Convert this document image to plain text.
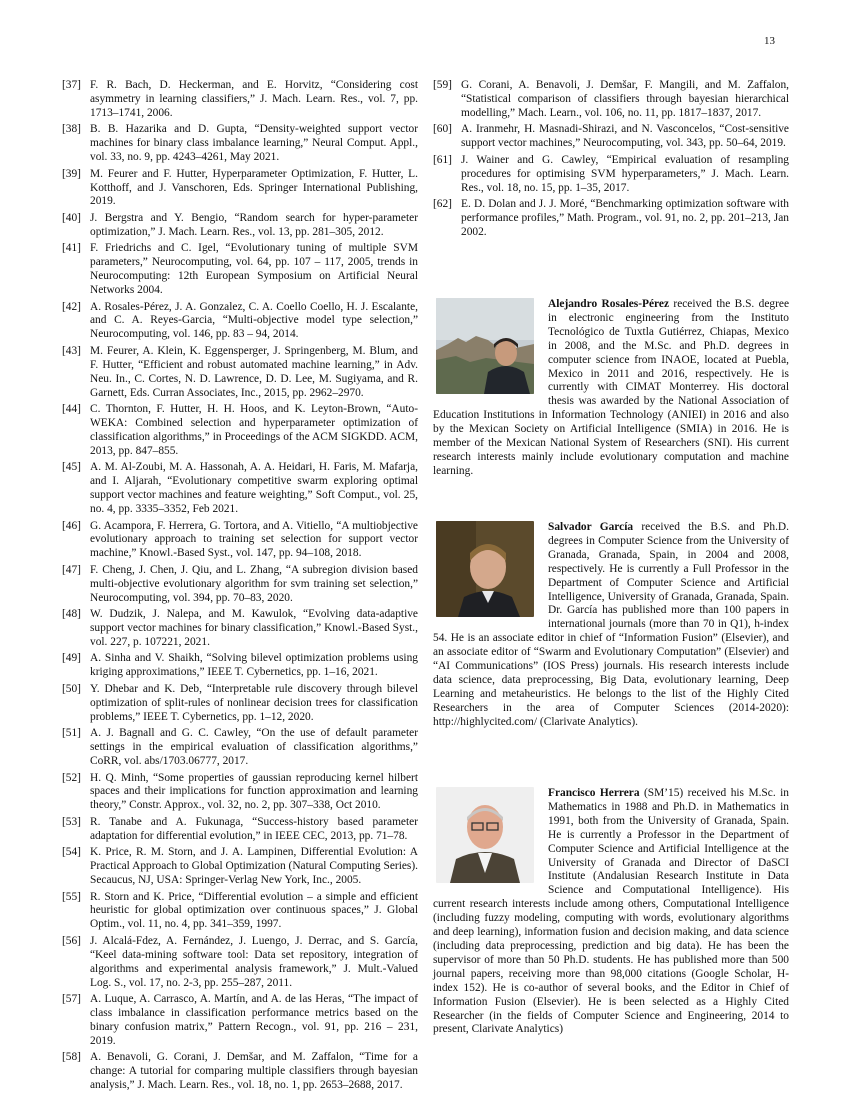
13
[37] F. R. Bach, D. Heckerman, and E. Horvitz, “Considering cost asymmetry in learning classifiers,” J. Mach. Learn. Res., vol. 7, pp. 1713–1741, 2006.
[38] B. B. Hazarika and D. Gupta, “Density-weighted support vector machines for binary class imbalance learning,” Neural Comput. Appl., vol. 33, no. 9, pp. 4243–4261, May 2021.
[39] M. Feurer and F. Hutter, Hyperparameter Optimization, F. Hutter, L. Kotthoff, and J. Vanschoren, Eds. Springer International Publishing, 2019.
[40] J. Bergstra and Y. Bengio, “Random search for hyper-parameter optimization,” J. Mach. Learn. Res., vol. 13, pp. 281–305, 2012.
[41] F. Friedrichs and C. Igel, “Evolutionary tuning of multiple SVM parameters,” Neurocomputing, vol. 64, pp. 107 – 117, 2005, trends in Neurocomputing: 12th European Symposium on Artificial Neural Networks 2004.
[42] A. Rosales-Pérez, J. A. Gonzalez, C. A. Coello Coello, H. J. Escalante, and C. A. Reyes-Garcia, “Multi-objective model type selection,” Neurocomputing, vol. 146, pp. 83 – 94, 2014.
[43] M. Feurer, A. Klein, K. Eggensperger, J. Springenberg, M. Blum, and F. Hutter, “Efficient and robust automated machine learning,” in Adv. Neu. In., C. Cortes, N. D. Lawrence, D. D. Lee, M. Sugiyama, and R. Garnett, Eds. Curran Associates, Inc., 2015, pp. 2962–2970.
[44] C. Thornton, F. Hutter, H. H. Hoos, and K. Leyton-Brown, “Auto-WEKA: Combined selection and hyperparameter optimization of classification algorithms,” in Proceedings of the ACM SIGKDD. ACM, 2013, pp. 847–855.
[45] A. M. Al-Zoubi, M. A. Hassonah, A. A. Heidari, H. Faris, M. Mafarja, and I. Aljarah, “Evolutionary competitive swarm exploring optimal support vector machines and feature weighting,” Soft Comput., vol. 25, no. 4, pp. 3335–3352, Feb 2021.
[46] G. Acampora, F. Herrera, G. Tortora, and A. Vitiello, “A multiobjective evolutionary approach to training set selection for support vector machine,” Knowl.-Based Syst., vol. 147, pp. 94–108, 2018.
[47] F. Cheng, J. Chen, J. Qiu, and L. Zhang, “A subregion division based multi-objective evolutionary algorithm for svm training set selection,” Neurocomputing, vol. 394, pp. 70–83, 2020.
[48] W. Dudzik, J. Nalepa, and M. Kawulok, “Evolving data-adaptive support vector machines for binary classification,” Knowl.-Based Syst., vol. 227, p. 107221, 2021.
[49] A. Sinha and V. Shaikh, “Solving bilevel optimization problems using kriging approximations,” IEEE T. Cybernetics, pp. 1–16, 2021.
[50] Y. Dhebar and K. Deb, “Interpretable rule discovery through bilevel optimization of split-rules of nonlinear decision trees for classification problems,” IEEE T. Cybernetics, pp. 1–12, 2020.
[51] A. J. Bagnall and G. C. Cawley, “On the use of default parameter settings in the empirical evaluation of classification algorithms,” CoRR, vol. abs/1703.06777, 2017.
[52] H. Q. Minh, “Some properties of gaussian reproducing kernel hilbert spaces and their implications for function approximation and learning theory,” Constr. Approx., vol. 32, no. 2, pp. 307–338, Oct 2010.
[53] R. Tanabe and A. Fukunaga, “Success-history based parameter adaptation for differential evolution,” in IEEE CEC, 2013, pp. 71–78.
[54] K. Price, R. M. Storn, and J. A. Lampinen, Differential Evolution: A Practical Approach to Global Optimization (Natural Computing Series). Secaucus, NJ, USA: Springer-Verlag New York, Inc., 2005.
[55] R. Storn and K. Price, “Differential evolution – a simple and efficient heuristic for global optimization over continuous spaces,” J. Global Optim., vol. 11, no. 4, pp. 341–359, 1997.
[56] J. Alcalá-Fdez, A. Fernández, J. Luengo, J. Derrac, and S. García, “Keel data-mining software tool: Data set repository, integration of algorithms and experimental analysis framework,” J. Mult.-Valued Log. S., vol. 17, no. 2-3, pp. 255–287, 2011.
[57] A. Luque, A. Carrasco, A. Martín, and A. de las Heras, “The impact of class imbalance in classification performance metrics based on the binary confusion matrix,” Pattern Recogn., vol. 91, pp. 216 – 231, 2019.
[58] A. Benavoli, G. Corani, J. Demšar, and M. Zaffalon, “Time for a change: A tutorial for comparing multiple classifiers through bayesian analysis,” J. Mach. Learn. Res., vol. 18, no. 1, pp. 2653–2688, 2017.
[59] G. Corani, A. Benavoli, J. Demšar, F. Mangili, and M. Zaffalon, “Statistical comparison of classifiers through bayesian hierarchical modelling,” Mach. Learn., vol. 106, no. 11, pp. 1817–1837, 2017.
[60] A. Iranmehr, H. Masnadi-Shirazi, and N. Vasconcelos, “Cost-sensitive support vector machines,” Neurocomputing, vol. 343, pp. 50–64, 2019.
[61] J. Wainer and G. Cawley, “Empirical evaluation of resampling procedures for optimising SVM hyperparameters,” J. Mach. Learn. Res., vol. 18, no. 15, pp. 1–35, 2017.
[62] E. D. Dolan and J. J. Moré, “Benchmarking optimization software with performance profiles,” Math. Program., vol. 91, no. 2, pp. 201–213, Jan 2002.
Alejandro Rosales-Pérez received the B.S. degree in electronic engineering from the Instituto Tecnológico de Tuxtla Gutiérrez, Chiapas, Mexico in 2008, and the M.Sc. and Ph.D. degrees in computer science from INAOE, located at Puebla, Mexico in 2011 and 2016, respectively. He is currently with CIMAT Monterrey. His doctoral thesis was awarded by the National Association of Education Institutions in Information Technology (ANIEI) in 2016 and also by the Mexican Society on Artificial Intelligence (SMIA) in 2016. He is member of the Mexican National System of Researchers (SNI). His current research interests mainly include evolutionary computation and machine learning.
Salvador García received the B.S. and Ph.D. degrees in Computer Science from the University of Granada, Granada, Spain, in 2004 and 2008, respectively. He is currently a Full Professor in the Department of Computer Science and Artificial Intelligence, University of Granada, Granada, Spain. Dr. García has published more than 100 papers in international journals (more than 70 in Q1), h-index 54. He is an associate editor in chief of “Information Fusion” (Elsevier), and an associate editor of “Swarm and Evolutionary Computation” (Elsevier) and “AI Communications” (IOS Press) journals. His research interests include data science, data preprocessing, Big Data, evolutionary learning, Deep Learning and metaheuristics. He belongs to the list of the Highly Cited Researchers in the area of Computer Sciences (2014-2020): http://highlycited.com/ (Clarivate Analytics).
Francisco Herrera (SM’15) received his M.Sc. in Mathematics in 1988 and Ph.D. in Mathematics in 1991, both from the University of Granada, Spain. He is currently a Professor in the Department of Computer Science and Artificial Intelligence at the University of Granada and Director of DaSCI Institute (Andalusian Research Institute in Data Science and Computational Intelligence). His current research interests include among others, Computational Intelligence (including fuzzy modeling, computing with words, evolutionary algorithms and deep learning), information fusion and decision making, and data science (including data preprocessing, prediction and big data). He has been the supervisor of more than 50 Ph.D. students. He has published more than 500 journal papers, receiving more than 98,000 citations (Google Scholar, H-index 152). He is co-author of several books, and the Editor in Chief of Information Fusion (Elsevier). He is been selected as a Highly Cited Researcher (in the fields of Computer Science and Engineering, 2014 to present, Clarivate Analytics)
